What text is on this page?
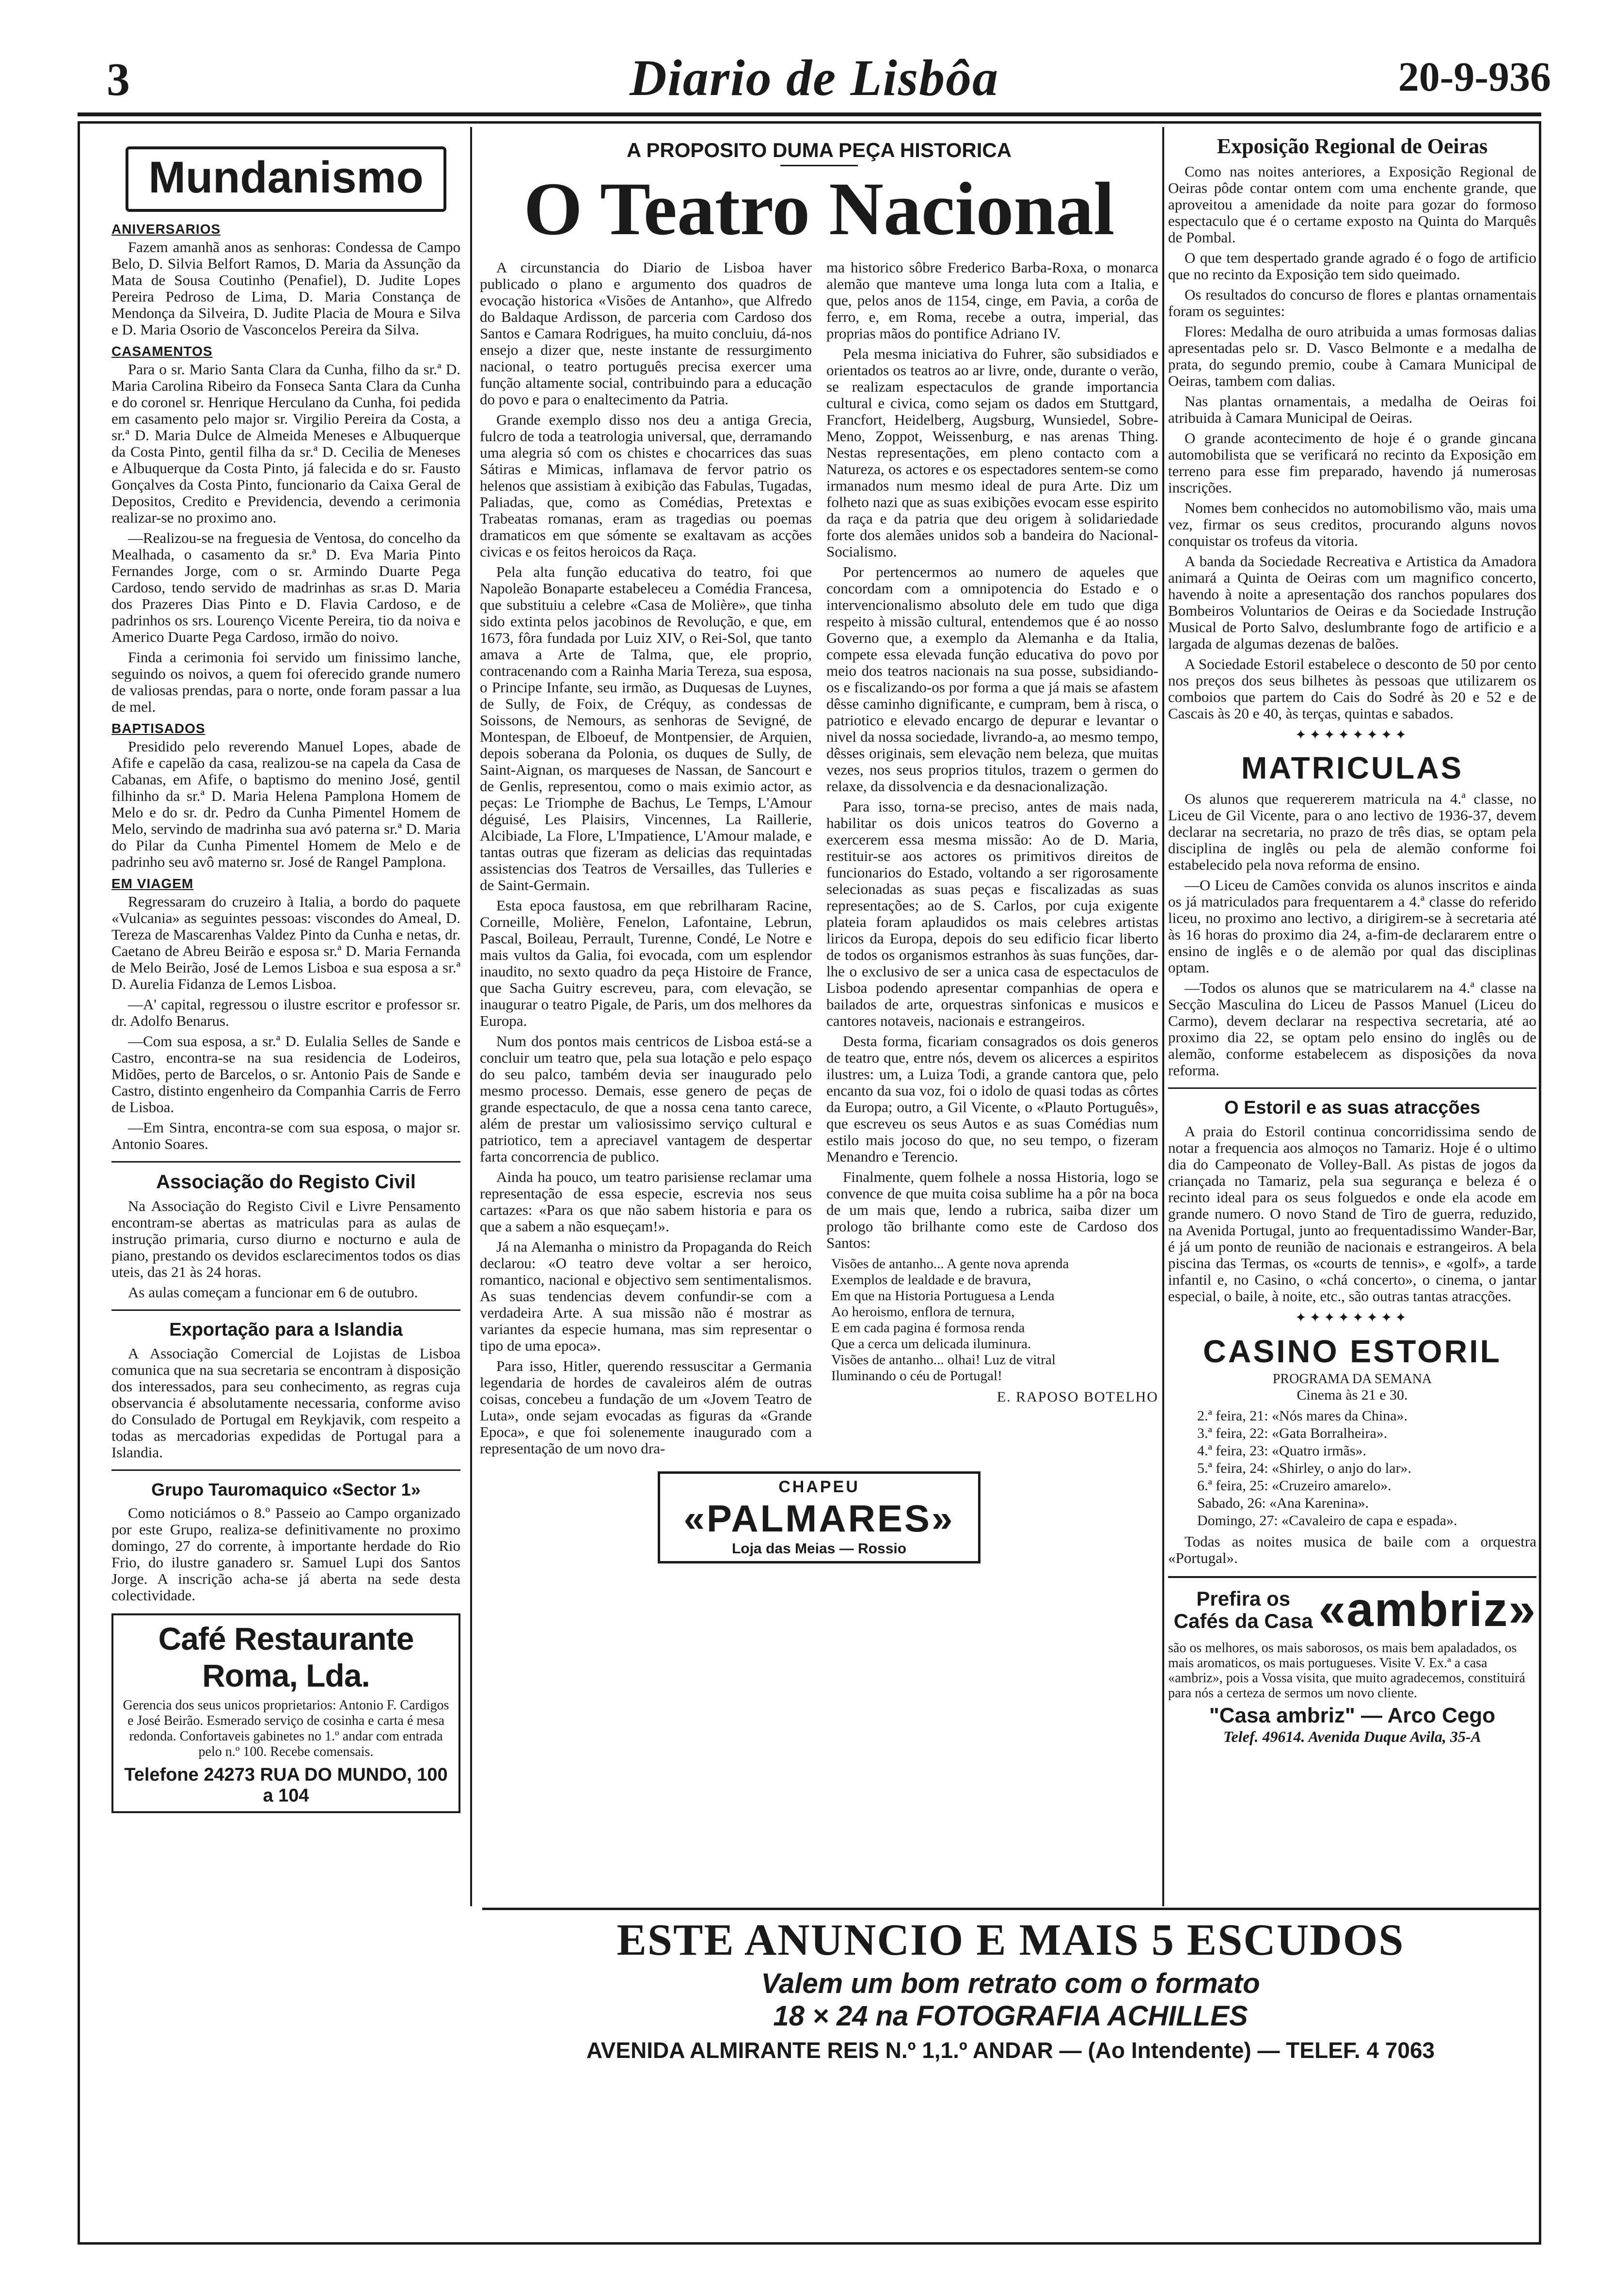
3	Diario de Lisbôa	20-9-936
Mundanismo
ANIVERSARIOS

Fazem amanhã anos as senhoras: Condessa de Campo Belo, D. Silvia Belfort Ramos, D. Maria da Assunção da Mata de Sousa Coutinho (Penafiel), D. Judite Lopes Pereira Pedroso de Lima, D. Maria Constança de Mendonça da Silveira, D. Judite Placia de Moura e Silva e D. Maria Osorio de Vasconcelos Pereira da Silva.

CASAMENTOS

Para o sr. Mario Santa Clara da Cunha, filho da sr.ª D. Maria Carolina Ribeiro da Fonseca Santa Clara da Cunha e do coronel sr. Henrique Herculano da Cunha, foi pedida em casamento pelo major sr. Virgilio Pereira da Costa, a sr.ª D. Maria Dulce de Almeida Meneses e Albuquerque da Costa Pinto, gentil filha da sr.ª D. Cecilia de Meneses e Albuquerque da Costa Pinto, já falecida e do sr. Fausto Gonçalves da Costa Pinto, funcionario da Caixa Geral de Depositos, Credito e Previdencia, devendo a cerimonia realizar-se no proximo ano.

—Realizou-se na freguesia de Ventosa, do concelho da Mealhada, o casamento da sr.ª D. Eva Maria Pinto Fernandes Jorge, com o sr. Armindo Duarte Pega Cardoso, tendo servido de madrinhas as sr.as D. Maria dos Prazeres Dias Pinto e D. Flavia Cardoso, e de padrinhos os srs. Lourenço Vicente Pereira, tio da noiva e Americo Duarte Pega Cardoso, irmão do noivo.

Finda a cerimonia foi servido um finissimo lanche, seguindo os noivos, a quem foi oferecido grande numero de valiosas prendas, para o norte, onde foram passar a lua de mel.

BAPTISADOS

Presidido pelo reverendo Manuel Lopes, abade de Afife e capelão da casa, realizou-se na capela da Casa de Cabanas, em Afife, o baptismo do menino José, gentil filhinho da sr.ª D. Maria Helena Pamplona Homem de Melo e do sr. dr. Pedro da Cunha Pimentel Homem de Melo, servindo de madrinha sua avó paterna sr.ª D. Maria do Pilar da Cunha Pimentel Homem de Melo e de padrinho seu avô materno sr. José de Rangel Pamplona.

EM VIAGEM

Regressaram do cruzeiro à Italia, a bordo do paquete «Vulcania» as seguintes pessoas: viscondes do Ameal, D. Tereza de Mascarenhas Valdez Pinto da Cunha e netas, dr. Caetano de Abreu Beirão e esposa sr.ª D. Maria Fernanda de Melo Beirão, José de Lemos Lisboa e sua esposa a sr.ª D. Aurelia Fidanza de Lemos Lisboa.

—A' capital, regressou o ilustre escritor e professor sr. dr. Adolfo Benarus.

—Com sua esposa, a sr.ª D. Eulalia Selles de Sande e Castro, encontra-se na sua residencia de Lodeiros, Midões, perto de Barcelos, o sr. Antonio Pais de Sande e Castro, distinto engenheiro da Companhia Carris de Ferro de Lisboa.

—Em Sintra, encontra-se com sua esposa, o major sr. Antonio Soares.

Associação do Registo Civil

Na Associação do Registo Civil e Livre Pensamento encontram-se abertas as matriculas para as aulas de instrução primaria, curso diurno e nocturno e aula de piano, prestando os devidos esclarecimentos todos os dias uteis, das 21 às 24 horas.

As aulas começam a funcionar em 6 de outubro.

Exportação para a Islandia

A Associação Comercial de Lojistas de Lisboa comunica que na sua secretaria se encontram à disposição dos interessados, para seu conhecimento, as regras cuja observancia é absolutamente necessaria, conforme aviso do Consulado de Portugal em Reykjavik, com respeito a todas as mercadorias expedidas de Portugal para a Islandia.

Grupo Tauromaquico «Sector 1»

Como noticiámos o 8.º Passeio ao Campo organizado por este Grupo, realiza-se definitivamente no proximo domingo, 27 do corrente, à importante herdade do Rio Frio, do ilustre ganadero sr. Samuel Lupi dos Santos Jorge. A inscrição acha-se já aberta na sede desta colectividade.

Café Restaurante Roma, Lda.
Gerencia dos seus unicos proprietarios: Antonio F. Cardigos e José Beirão. Esmerado serviço de cosinha e carta é mesa redonda. Confortaveis gabinetes no 1.º andar com entrada pelo n.º 100. Recebe comensais.
Telefone 24273 RUA DO MUNDO, 100 a 104
A PROPOSITO DUMA PEÇA HISTORICA
O Teatro Nacional

A circunstancia do Diario de Lisboa haver publicado o plano e argumento dos quadros de evocação historica «Visões de Antanho», que Alfredo do Baldaque Ardisson, de parceria com Cardoso dos Santos e Camara Rodrigues, ha muito concluiu, dá-nos ensejo a dizer que, neste instante de ressurgimento nacional, o teatro português precisa exercer uma função altamente social, contribuindo para a educação do povo e para o enaltecimento da Patria.

Grande exemplo disso nos deu a antiga Grecia, fulcro de toda a teatrologia universal, que, derramando uma alegria só com os chistes e chocarrices das suas Sátiras e Mimicas, inflamava de fervor patrio os helenos que assistiam à exibição das Fabulas, Tugadas, Paliadas, que, como as Comédias, Pretextas e Trabeatas romanas, eram as tragedias ou poemas dramaticos em que sómente se exaltavam as acções civicas e os feitos heroicos da Raça.

Pela alta função educativa do teatro, foi que Napoleão Bonaparte estabeleceu a Comédia Francesa, que substituiu a celebre «Casa de Molière», que tinha sido extinta pelos jacobinos de Revolução, e que, em 1673, fôra fundada por Luiz XIV, o Rei-Sol, que tanto amava a Arte de Talma, que, ele proprio, contracenando com a Rainha Maria Tereza, sua esposa, o Principe Infante, seu irmão, as Duquesas de Luynes, de Sully, de Foix, de Créquy, as condessas de Soissons, de Nemours, as senhoras de Sevigné, de Montespan, de Elboeuf, de Montpensier, de Arquien, depois soberana da Polonia, os duques de Sully, de Saint-Aignan, os marqueses de Nassan, de Sancourt e de Genlis, representou, como o mais eximio actor, as peças: Le Triomphe de Bachus, Le Temps, L'Amour déguisé, Les Plaisirs, Vincennes, La Raillerie, Alcibiade, La Flore, L'Impatience, L'Amour malade, e tantas outras que fizeram as delicias das requintadas assistencias dos Teatros de Versailles, das Tulleries e de Saint-Germain.

Esta epoca faustosa, em que rebrilharam Racine, Corneille, Molière, Fenelon, Lafontaine, Lebrun, Pascal, Boileau, Perrault, Turenne, Condé, Le Notre e mais vultos da Galia, foi evocada, com um esplendor inaudito, no sexto quadro da peça Histoire de France, que Sacha Guitry escreveu, para, com elevação, se inaugurar o teatro Pigale, de Paris, um dos melhores da Europa.

Num dos pontos mais centricos de Lisboa está-se a concluir um teatro que, pela sua lotação e pelo espaço do seu palco, também devia ser inaugurado pelo mesmo processo. Demais, esse genero de peças de grande espectaculo, de que a nossa cena tanto carece, além de prestar um valiosissimo serviço cultural e patriotico, tem a apreciavel vantagem de despertar farta concorrencia de publico.

Ainda ha pouco, um teatro parisiense reclamar uma representação de essa especie, escrevia nos seus cartazes: «Para os que não sabem historia e para os que a sabem a não esqueçam!».

Já na Alemanha o ministro da Propaganda do Reich declarou: «O teatro deve voltar a ser heroico, romantico, nacional e objectivo sem sentimentalismos. As suas tendencias devem confundir-se com a verdadeira Arte. A sua missão não é mostrar as variantes da especie humana, mas sim representar o tipo de uma epoca».

Para isso, Hitler, querendo ressuscitar a Germania legendaria de hordes de cavaleiros além de outras coisas, concebeu a fundação de um «Jovem Teatro de Luta», onde sejam evocadas as figuras da «Grande Epoca», e que foi solenemente inaugurado com a representação de um novo dra-

ma historico sôbre Frederico Barba-Roxa, o monarca alemão que manteve uma longa luta com a Italia, e que, pelos anos de 1154, cinge, em Pavia, a corôa de ferro, e, em Roma, recebe a outra, imperial, das proprias mãos do pontifice Adriano IV.

Pela mesma iniciativa do Fuhrer, são subsidiados e orientados os teatros ao ar livre, onde, durante o verão, se realizam espectaculos de grande importancia cultural e civica, como sejam os dados em Stuttgard, Francfort, Heidelberg, Augsburg, Wunsiedel, Sobre-Meno, Zoppot, Weissenburg, e nas arenas Thing. Nestas representações, em pleno contacto com a Natureza, os actores e os espectadores sentem-se como irmanados num mesmo ideal de pura Arte. Diz um folheto nazi que as suas exibições evocam esse espirito da raça e da patria que deu origem à solidariedade forte dos alemães unidos sob a bandeira do Nacional-Socialismo.

Por pertencermos ao numero de aqueles que concordam com a omnipotencia do Estado e o intervencionalismo absoluto dele em tudo que diga respeito à missão cultural, entendemos que é ao nosso Governo que, a exemplo da Alemanha e da Italia, compete essa elevada função educativa do povo por meio dos teatros nacionais na sua posse, subsidiando-os e fiscalizando-os por forma a que já mais se afastem dêsse caminho dignificante, e cumpram, bem à risca, o patriotico e elevado encargo de depurar e levantar o nivel da nossa sociedade, livrando-a, ao mesmo tempo, dêsses originais, sem elevação nem beleza, que muitas vezes, nos seus proprios titulos, trazem o germen do relaxe, da dissolvencia e da desnacionalização.

Para isso, torna-se preciso, antes de mais nada, habilitar os dois unicos teatros do Governo a exercerem essa mesma missão: Ao de D. Maria, restituir-se aos actores os primitivos direitos de funcionarios do Estado, voltando a ser rigorosamente selecionadas as suas peças e fiscalizadas as suas representações; ao de S. Carlos, por cuja exigente plateia foram aplaudidos os mais celebres artistas liricos da Europa, depois do seu edificio ficar liberto de todos os organismos estranhos às suas funções, dar-lhe o exclusivo de ser a unica casa de espectaculos de Lisboa podendo apresentar companhias de opera e bailados de arte, orquestras sinfonicas e musicos e cantores notaveis, nacionais e estrangeiros.

Desta forma, ficariam consagrados os dois generos de teatro que, entre nós, devem os alicerces a espiritos ilustres: um, a Luiza Todi, a grande cantora que, pelo encanto da sua voz, foi o idolo de quasi todas as côrtes da Europa; outro, a Gil Vicente, o «Plauto Português», que escreveu os seus Autos e as suas Comédias num estilo mais jocoso do que, no seu tempo, o fizeram Menandro e Terencio.

Finalmente, quem folhele a nossa Historia, logo se convence de que muita coisa sublime ha a pôr na boca de um mais que, lendo a rubrica, saiba dizer um prologo tão brilhante como este de Cardoso dos Santos:

Visões de antanho... A gente nova aprenda
Exemplos de lealdade e de bravura,
Em que na Historia Portuguesa a Lenda
Ao heroismo, enflora de ternura,
E em cada pagina é formosa renda
Que a cerca um delicada iluminura.
Visões de antanho... olhai! Luz de vitral
Iluminando o céu de Portugal!
E. RAPOSO BOTELHO
CHAPEU
«PALMARES»
Loja das Meias — Rossio
ESTE ANUNCIO E MAIS 5 ESCUDOS
Valem um bom retrato com o formato
18 × 24 na FOTOGRAFIA ACHILLES
AVENIDA ALMIRANTE REIS N.º 1,1.º ANDAR — (Ao Intendente) — TELEF. 4 7063
Exposição Regional de Oeiras

Como nas noites anteriores, a Exposição Regional de Oeiras pôde contar ontem com uma enchente grande, que aproveitou a amenidade da noite para gozar do formoso espectaculo que é o certame exposto na Quinta do Marquês de Pombal.

O que tem despertado grande agrado é o fogo de artificio que no recinto da Exposição tem sido queimado.

Os resultados do concurso de flores e plantas ornamentais foram os seguintes:

Flores: Medalha de ouro atribuida a umas formosas dalias apresentadas pelo sr. D. Vasco Belmonte e a medalha de prata, do segundo premio, coube à Camara Municipal de Oeiras, tambem com dalias.

Nas plantas ornamentais, a medalha de Oeiras foi atribuida à Camara Municipal de Oeiras.

O grande acontecimento de hoje é o grande gincana automobilista que se verificará no recinto da Exposição em terreno para esse fim preparado, havendo já numerosas inscrições.

Nomes bem conhecidos no automobilismo vão, mais uma vez, firmar os seus creditos, procurando alguns novos conquistar os trofeus da vitoria.

A banda da Sociedade Recreativa e Artistica da Amadora animará a Quinta de Oeiras com um magnifico concerto, havendo à noite a apresentação dos ranchos populares dos Bombeiros Voluntarios de Oeiras e da Sociedade Instrução Musical de Porto Salvo, deslumbrante fogo de artificio e a largada de algumas dezenas de balões.

A Sociedade Estoril estabelece o desconto de 50 por cento nos preços dos seus bilhetes às pessoas que utilizarem os comboios que partem do Cais do Sodré às 20 e 52 e de Cascais às 20 e 40, às terças, quintas e sabados.

✦✦✦✦✦✦✦✦
MATRICULAS

Os alunos que requererem matricula na 4.ª classe, no Liceu de Gil Vicente, para o ano lectivo de 1936-37, devem declarar na secretaria, no prazo de três dias, se optam pela disciplina de inglês ou pela de alemão conforme foi estabelecido pela nova reforma de ensino.

—O Liceu de Camões convida os alunos inscritos e ainda os já matriculados para frequentarem a 4.ª classe do referido liceu, no proximo ano lectivo, a dirigirem-se à secretaria até às 16 horas do proximo dia 24, a-fim-de declararem entre o ensino de inglês e o de alemão por qual das disciplinas optam.

—Todos os alunos que se matricularem na 4.ª classe na Secção Masculina do Liceu de Passos Manuel (Liceu do Carmo), devem declarar na respectiva secretaria, até ao proximo dia 22, se optam pelo ensino do inglês ou de alemão, conforme estabelecem as disposições da nova reforma.

O Estoril e as suas atracções

A praia do Estoril continua concorridissima sendo de notar a frequencia aos almoços no Tamariz. Hoje é o ultimo dia do Campeonato de Volley-Ball. As pistas de jogos da criançada no Tamariz, pela sua segurança e beleza é o recinto ideal para os seus folguedos e onde ela acode em grande numero. O novo Stand de Tiro de guerra, reduzido, na Avenida Portugal, junto ao frequentadissimo Wander-Bar, é já um ponto de reunião de nacionais e estrangeiros. A bela piscina das Termas, os «courts de tennis», e «golf», a tarde infantil e, no Casino, o «chá concerto», o cinema, o jantar especial, o baile, à noite, etc., são outras tantas atracções.

✦✦✦✦✦✦✦✦
CASINO ESTORIL
PROGRAMA DA SEMANA
Cinema às 21 e 30.
2.ª feira, 21: «Nós mares da China».
3.ª feira, 22: «Gata Borralheira».
4.ª feira, 23: «Quatro irmãs».
5.ª feira, 24: «Shirley, o anjo do lar».
6.ª feira, 25: «Cruzeiro amarelo».
Sabado, 26: «Ana Karenina».
Domingo, 27: «Cavaleiro de capa e espada».

Todas as noites musica de baile com a orquestra «Portugal».

Prefira os Cafés da Casa «ambriz»
são os melhores, os mais saborosos, os mais bem apaladados, os mais aromaticos, os mais portugueses. Visite V. Ex.ª a casa «ambriz», pois a Vossa visita, que muito agradecemos, constituirá para nós a certeza de sermos um novo cliente.
"Casa ambriz" — Arco Cego
Telef. 49614. Avenida Duque Avila, 35-A
